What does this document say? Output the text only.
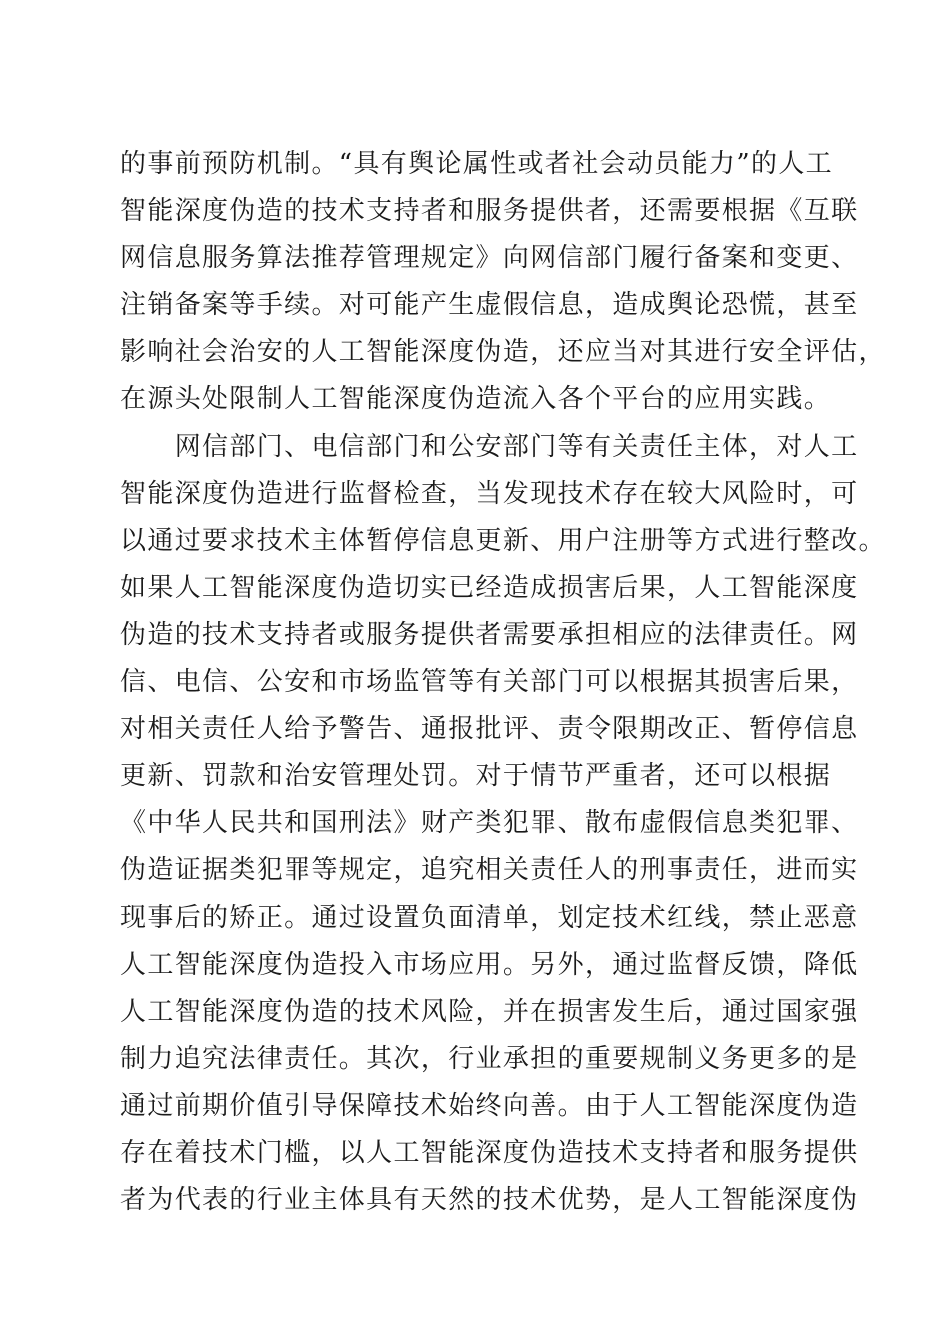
的事前预防机制。“具有舆论属性或者社会动员能力”的人工
智能深度伪造的技术支持者和服务提供者，还需要根据《互联
网信息服务算法推荐管理规定》向网信部门履行备案和变更、
注销备案等手续。对可能产生虚假信息，造成舆论恐慌，甚至
影响社会治安的人工智能深度伪造，还应当对其进行安全评估，
在源头处限制人工智能深度伪造流入各个平台的应用实践。
　　网信部门、电信部门和公安部门等有关责任主体，对人工
智能深度伪造进行监督检查，当发现技术存在较大风险时，可
以通过要求技术主体暂停信息更新、用户注册等方式进行整改。
如果人工智能深度伪造切实已经造成损害后果，人工智能深度
伪造的技术支持者或服务提供者需要承担相应的法律责任。网
信、电信、公安和市场监管等有关部门可以根据其损害后果，
对相关责任人给予警告、通报批评、责令限期改正、暂停信息
更新、罚款和治安管理处罚。对于情节严重者，还可以根据
《中华人民共和国刑法》财产类犯罪、散布虚假信息类犯罪、
伪造证据类犯罪等规定，追究相关责任人的刑事责任，进而实
现事后的矫正。通过设置负面清单，划定技术红线，禁止恶意
人工智能深度伪造投入市场应用。另外，通过监督反馈，降低
人工智能深度伪造的技术风险，并在损害发生后，通过国家强
制力追究法律责任。其次，行业承担的重要规制义务更多的是
通过前期价值引导保障技术始终向善。由于人工智能深度伪造
存在着技术门槛，以人工智能深度伪造技术支持者和服务提供
者为代表的行业主体具有天然的技术优势，是人工智能深度伪
